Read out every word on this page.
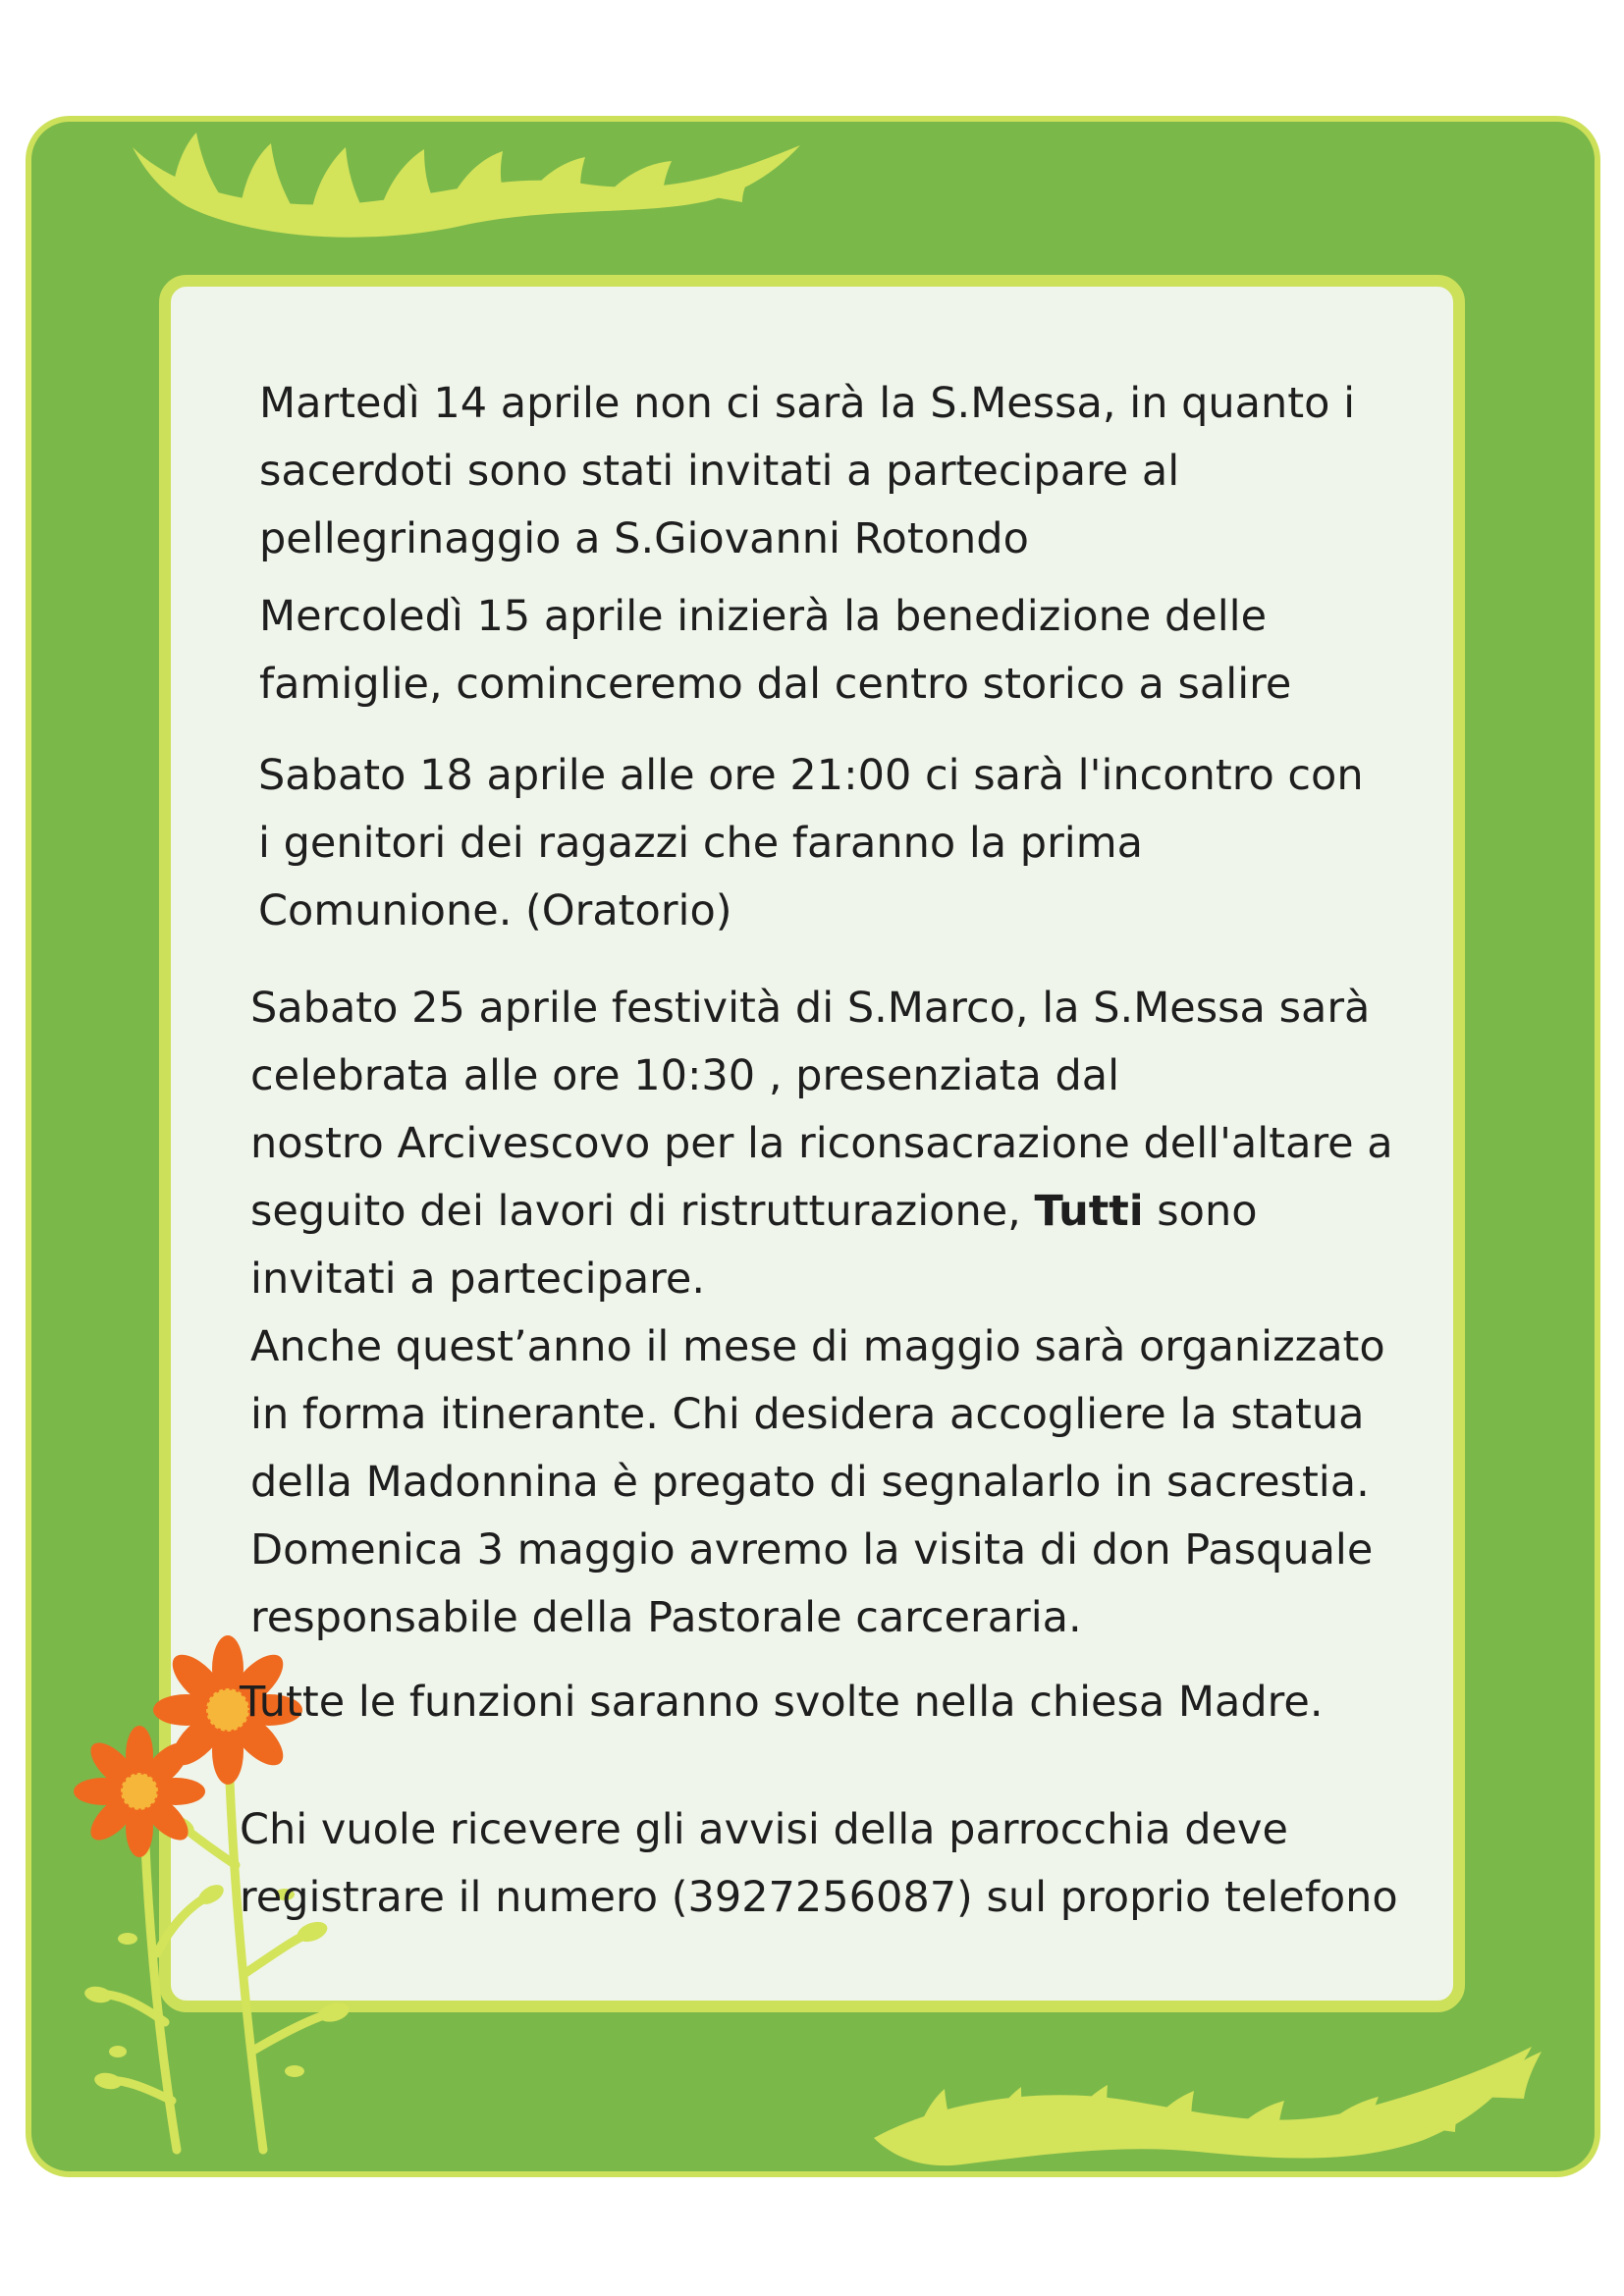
Martedì 14 aprile non ci sarà la S.Messa, in quanto i
sacerdoti sono stati invitati a partecipare al
pellegrinaggio a S.Giovanni Rotondo

Mercoledì 15 aprile inizierà la benedizione delle
famiglie, cominceremo dal centro storico a salire

Sabato 18 aprile alle ore 21:00 ci sarà l'incontro con
i genitori dei ragazzi che faranno la prima
Comunione. (Oratorio)

Sabato 25 aprile festività di S.Marco, la S.Messa sarà
celebrata alle ore 10:30 , presenziata dal
nostro Arcivescovo per la riconsacrazione dell'altare a
seguito dei lavori di ristrutturazione, Tutti sono
invitati a partecipare.
Anche quest’anno il mese di maggio sarà organizzato
in forma itinerante. Chi desidera accogliere la statua
della Madonnina è pregato di segnalarlo in sacrestia.
Domenica 3 maggio avremo la visita di don Pasquale
responsabile della Pastorale carceraria.

Tutte le funzioni saranno svolte nella chiesa Madre.

Chi vuole ricevere gli avvisi della parrocchia deve
registrare il numero (3927256087) sul proprio telefono
